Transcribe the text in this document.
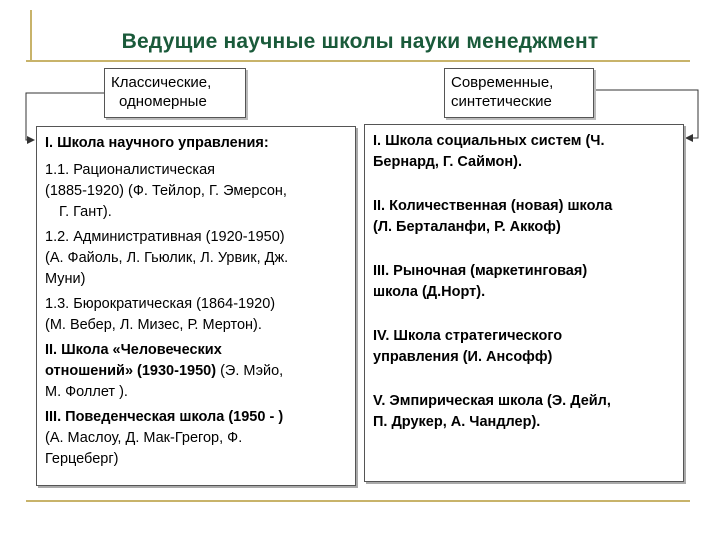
Ведущие научные школы науки менеджмент
Классические,
одномерные
Современные,
синтетические
I. Школа научного управления:
1.1. Рационалистическая
(1885-1920) (Ф. Тейлор, Г. Эмерсон,
Г. Гант).
1.2. Административная (1920-1950)
(А. Файоль, Л. Гьюлик, Л. Урвик, Дж.
Муни)
1.3. Бюрократическая (1864-1920)
(М. Вебер, Л. Мизес, Р. Мертон).
II. Школа «Человеческих
отношений» (1930-1950) (Э. Мэйо,
М. Фоллет ).
III. Поведенческая школа (1950 - )
(А. Маслоу, Д. Мак-Грегор, Ф.
Герцеберг)
I. Школа социальных систем (Ч.
Бернард, Г. Саймон).
II. Количественная (новая) школа
(Л. Берталанфи, Р. Аккоф)
III. Рыночная (маркетинговая)
школа (Д.Норт).
IV. Школа стратегического
управления (И. Ансофф)
V. Эмпирическая школа (Э. Дейл,
П. Друкер, А. Чандлер).
